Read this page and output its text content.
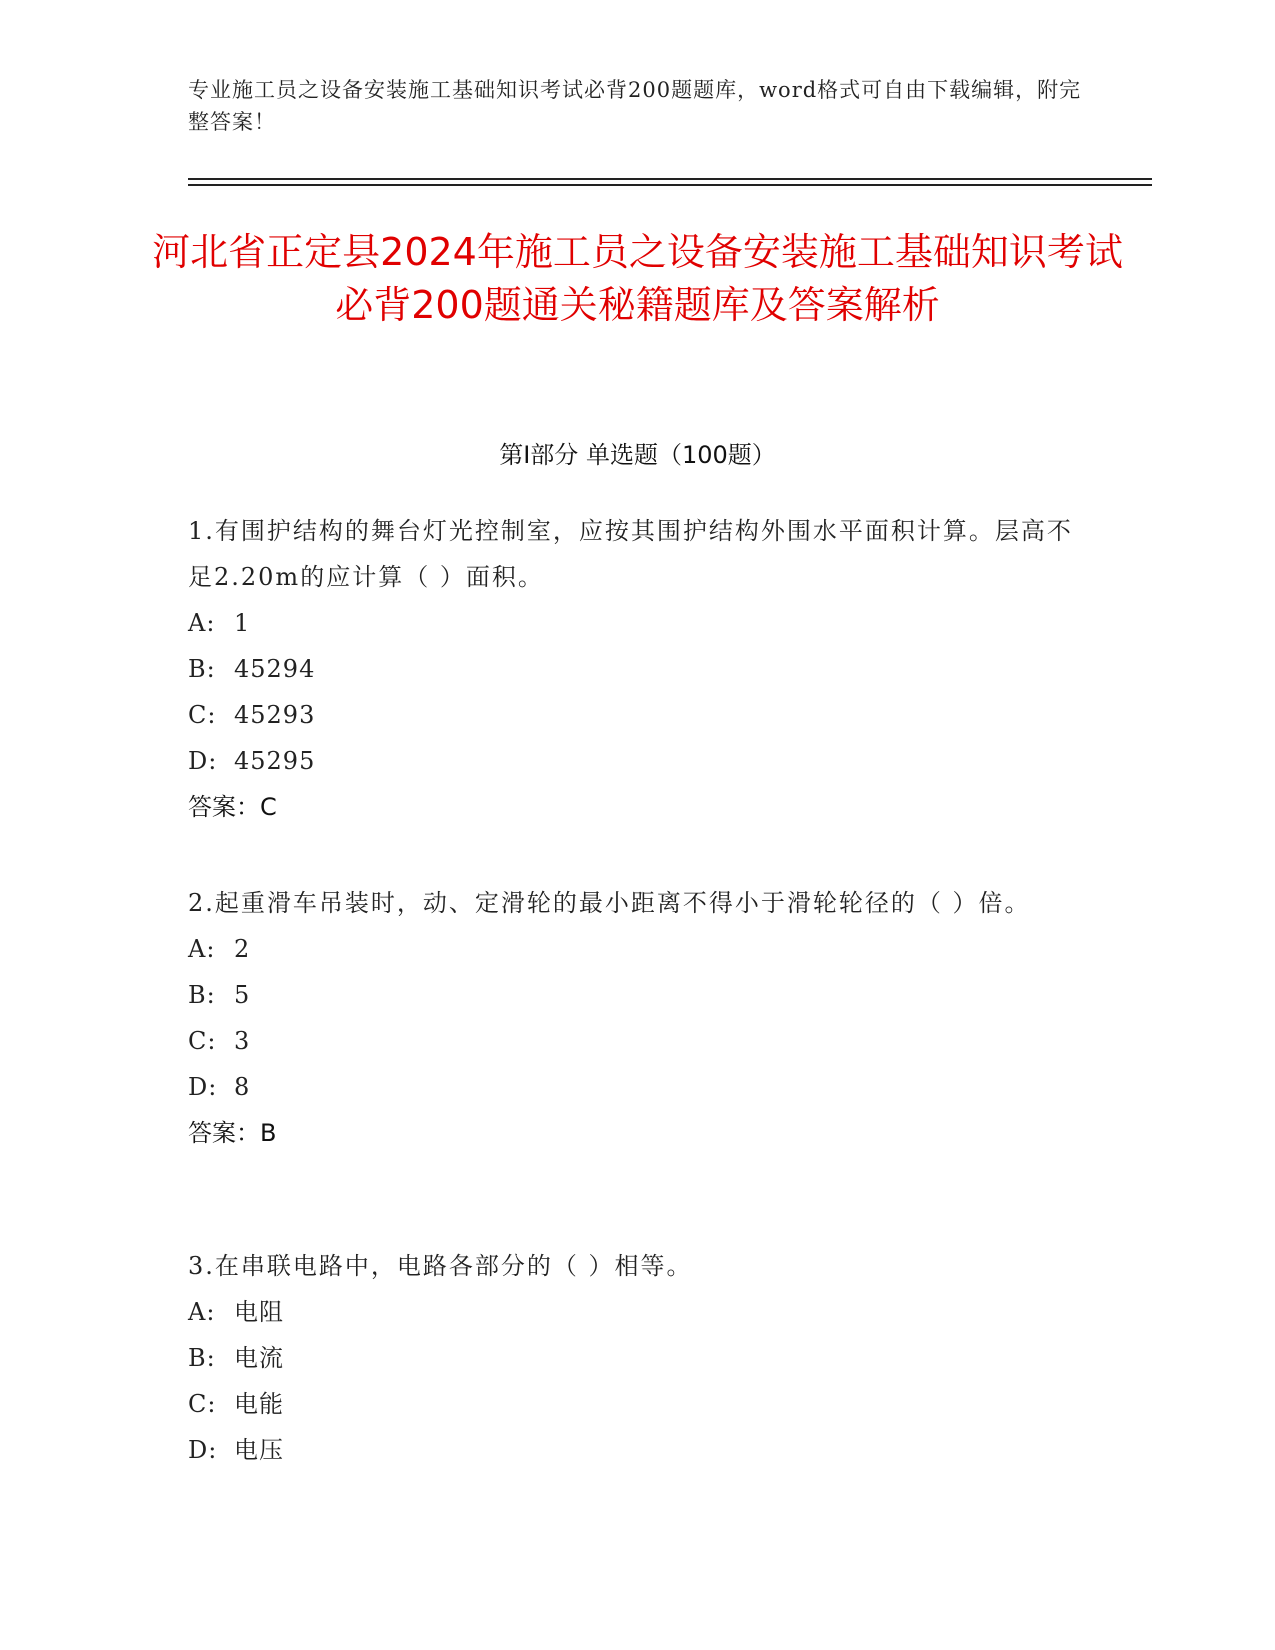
专业施工员之设备安装施工基础知识考试必背200题题库，word格式可自由下载编辑，附完整答案！
河北省正定县2024年施工员之设备安装施工基础知识考试必背200题通关秘籍题库及答案解析
第Ⅰ部分 单选题（100题）
1.有围护结构的舞台灯光控制室，应按其围护结构外围水平面积计算。层高不足2.20m的应计算（ ）面积。
A: 1
B: 45294
C: 45293
D: 45295
答案：C
2.起重滑车吊装时，动、定滑轮的最小距离不得小于滑轮轮径的（ ）倍。
A: 2
B: 5
C: 3
D: 8
答案：B
3.在串联电路中，电路各部分的（ ）相等。
A: 电阻
B: 电流
C: 电能
D: 电压
